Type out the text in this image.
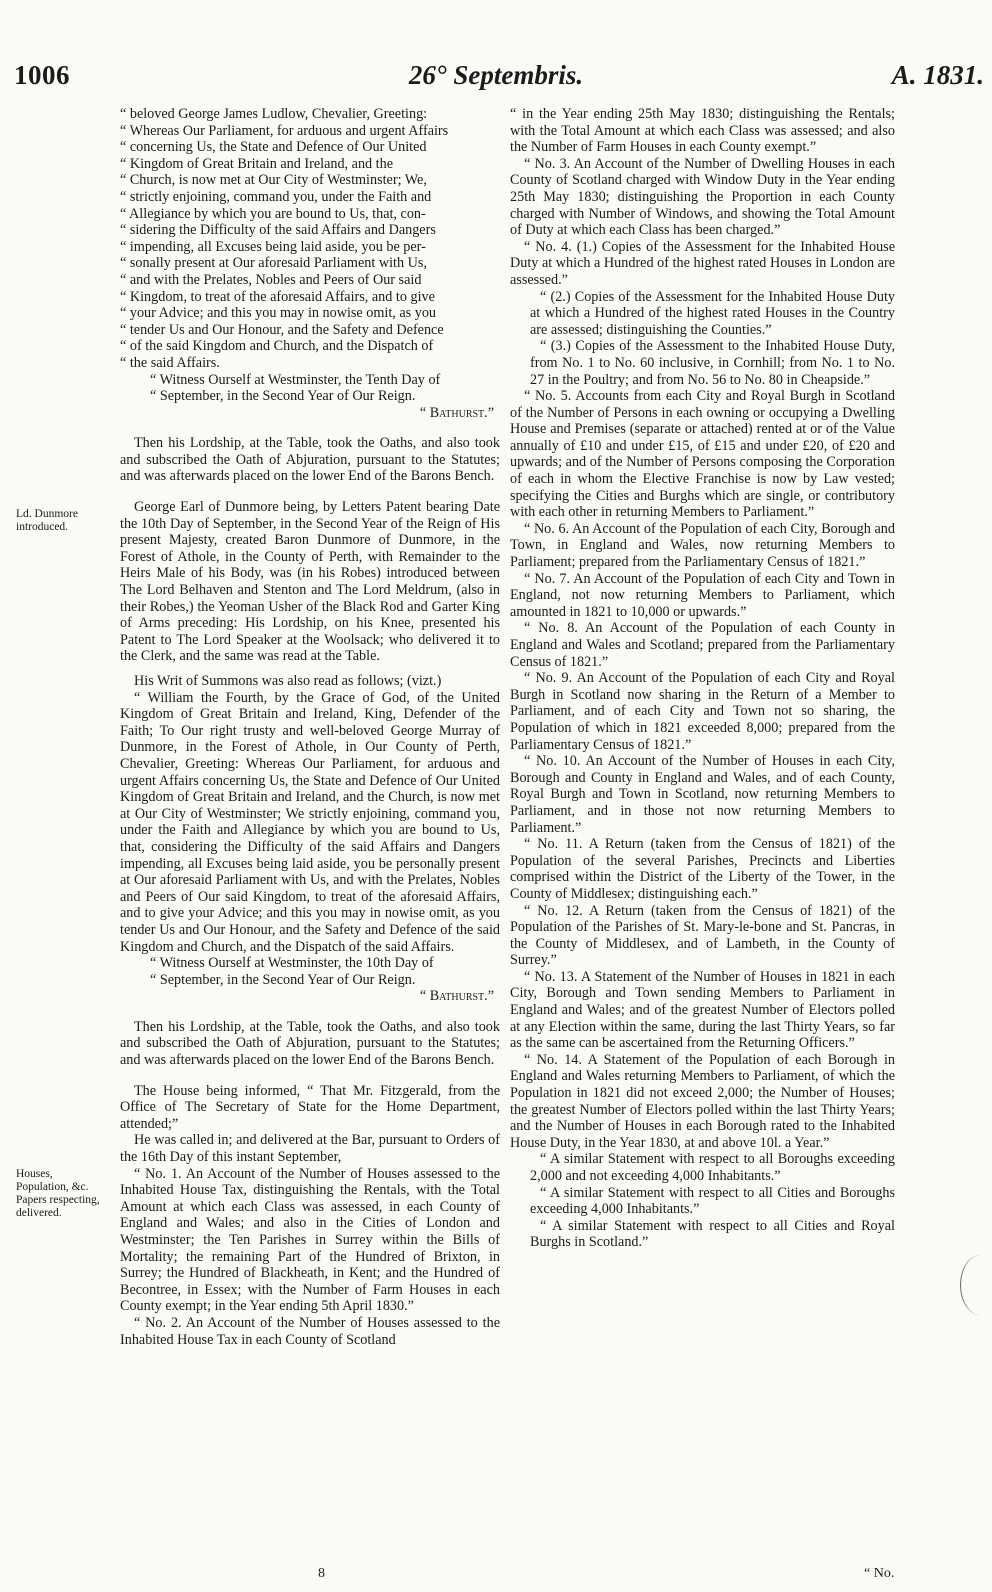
1006	26° Septembris.	A. 1831.
Ld. Dunmore introduced.
Houses, Population, &c. Papers respecting, delivered.

“ beloved George James Ludlow, Chevalier, Greeting:

“ Whereas Our Parliament, for arduous and urgent Affairs

“ concerning Us, the State and Defence of Our United

“ Kingdom of Great Britain and Ireland, and the

“ Church, is now met at Our City of Westminster; We,

“ strictly enjoining, command you, under the Faith and

“ Allegiance by which you are bound to Us, that, con-

“ sidering the Difficulty of the said Affairs and Dangers

“ impending, all Excuses being laid aside, you be per-

“ sonally present at Our aforesaid Parliament with Us,

“ and with the Prelates, Nobles and Peers of Our said

“ Kingdom, to treat of the aforesaid Affairs, and to give

“ your Advice; and this you may in nowise omit, as you

“ tender Us and Our Honour, and the Safety and Defence

“ of the said Kingdom and Church, and the Dispatch of

“ the said Affairs.

“ Witness Ourself at Westminster, the Tenth Day of

“ September, in the Second Year of Our Reign.

“ Bathurst.”

Then his Lordship, at the Table, took the Oaths, and also took and subscribed the Oath of Abjuration, pursuant to the Statutes; and was afterwards placed on the lower End of the Barons Bench.

George Earl of Dunmore being, by Letters Patent bearing Date the 10th Day of September, in the Second Year of the Reign of His present Majesty, created Baron Dunmore of Dunmore, in the Forest of Athole, in the County of Perth, with Remainder to the Heirs Male of his Body, was (in his Robes) introduced between The Lord Belhaven and Stenton and The Lord Meldrum, (also in their Robes,) the Yeoman Usher of the Black Rod and Garter King of Arms preceding: His Lordship, on his Knee, presented his Patent to The Lord Speaker at the Woolsack; who delivered it to the Clerk, and the same was read at the Table.

His Writ of Summons was also read as follows; (vizt.)

“ William the Fourth, by the Grace of God, of the United Kingdom of Great Britain and Ireland, King, Defender of the Faith; To Our right trusty and well-beloved George Murray of Dunmore, in the Forest of Athole, in Our County of Perth, Chevalier, Greeting: Whereas Our Parliament, for arduous and urgent Affairs concerning Us, the State and Defence of Our United Kingdom of Great Britain and Ireland, and the Church, is now met at Our City of Westminster; We strictly enjoining, command you, under the Faith and Allegiance by which you are bound to Us, that, considering the Difficulty of the said Affairs and Dangers impending, all Excuses being laid aside, you be personally present at Our aforesaid Parliament with Us, and with the Prelates, Nobles and Peers of Our said Kingdom, to treat of the aforesaid Affairs, and to give your Advice; and this you may in nowise omit, as you tender Us and Our Honour, and the Safety and Defence of the said Kingdom and Church, and the Dispatch of the said Affairs.

“ Witness Ourself at Westminster, the 10th Day of

“ September, in the Second Year of Our Reign.

“ Bathurst.”

Then his Lordship, at the Table, took the Oaths, and also took and subscribed the Oath of Abjuration, pursuant to the Statutes; and was afterwards placed on the lower End of the Barons Bench.

The House being informed, “ That Mr. Fitzgerald, from the Office of The Secretary of State for the Home Department, attended;”

He was called in; and delivered at the Bar, pursuant to Orders of the 16th Day of this instant September,

“ No. 1. An Account of the Number of Houses assessed to the Inhabited House Tax, distinguishing the Rentals, with the Total Amount at which each Class was assessed, in each County of England and Wales; and also in the Cities of London and Westminster; the Ten Parishes in Surrey within the Bills of Mortality; the remaining Part of the Hundred of Brixton, in Surrey; the Hundred of Blackheath, in Kent; and the Hundred of Becontree, in Essex; with the Number of Farm Houses in each County exempt; in the Year ending 5th April 1830.”

“ No. 2. An Account of the Number of Houses assessed to the Inhabited House Tax in each County of Scotland

“ in the Year ending 25th May 1830; distinguishing the Rentals; with the Total Amount at which each Class was assessed; and also the Number of Farm Houses in each County exempt.”

“ No. 3. An Account of the Number of Dwelling Houses in each County of Scotland charged with Window Duty in the Year ending 25th May 1830; distinguishing the Proportion in each County charged with Number of Windows, and showing the Total Amount of Duty at which each Class has been charged.”

“ No. 4. (1.) Copies of the Assessment for the Inhabited House Duty at which a Hundred of the highest rated Houses in London are assessed.”

“ (2.) Copies of the Assessment for the Inhabited House Duty at which a Hundred of the highest rated Houses in the Country are assessed; distinguishing the Counties.”

“ (3.) Copies of the Assessment to the Inhabited House Duty, from No. 1 to No. 60 inclusive, in Cornhill; from No. 1 to No. 27 in the Poultry; and from No. 56 to No. 80 in Cheapside.”

“ No. 5. Accounts from each City and Royal Burgh in Scotland of the Number of Persons in each owning or occupying a Dwelling House and Premises (separate or attached) rented at or of the Value annually of £10 and under £15, of £15 and under £20, of £20 and upwards; and of the Number of Persons composing the Corporation of each in whom the Elective Franchise is now by Law vested; specifying the Cities and Burghs which are single, or contributory with each other in returning Members to Parliament.”

“ No. 6. An Account of the Population of each City, Borough and Town, in England and Wales, now returning Members to Parliament; prepared from the Parliamentary Census of 1821.”

“ No. 7. An Account of the Population of each City and Town in England, not now returning Members to Parliament, which amounted in 1821 to 10,000 or upwards.”

“ No. 8. An Account of the Population of each County in England and Wales and Scotland; prepared from the Parliamentary Census of 1821.”

“ No. 9. An Account of the Population of each City and Royal Burgh in Scotland now sharing in the Return of a Member to Parliament, and of each City and Town not so sharing, the Population of which in 1821 exceeded 8,000; prepared from the Parliamentary Census of 1821.”

“ No. 10. An Account of the Number of Houses in each City, Borough and County in England and Wales, and of each County, Royal Burgh and Town in Scotland, now returning Members to Parliament, and in those not now returning Members to Parliament.”

“ No. 11. A Return (taken from the Census of 1821) of the Population of the several Parishes, Precincts and Liberties comprised within the District of the Liberty of the Tower, in the County of Middlesex; distinguishing each.”

“ No. 12. A Return (taken from the Census of 1821) of the Population of the Parishes of St. Mary-le-bone and St. Pancras, in the County of Middlesex, and of Lambeth, in the County of Surrey.”

“ No. 13. A Statement of the Number of Houses in 1821 in each City, Borough and Town sending Members to Parliament in England and Wales; and of the greatest Number of Electors polled at any Election within the same, during the last Thirty Years, so far as the same can be ascertained from the Returning Officers.”

“ No. 14. A Statement of the Population of each Borough in England and Wales returning Members to Parliament, of which the Population in 1821 did not exceed 2,000; the Number of Houses; the greatest Number of Electors polled within the last Thirty Years; and the Number of Houses in each Borough rated to the Inhabited House Duty, in the Year 1830, at and above 10l. a Year.”

“ A similar Statement with respect to all Boroughs exceeding 2,000 and not exceeding 4,000 Inhabitants.”

“ A similar Statement with respect to all Cities and Boroughs exceeding 4,000 Inhabitants.”

“ A similar Statement with respect to all Cities and Royal Burghs in Scotland.”

8	“ No.
